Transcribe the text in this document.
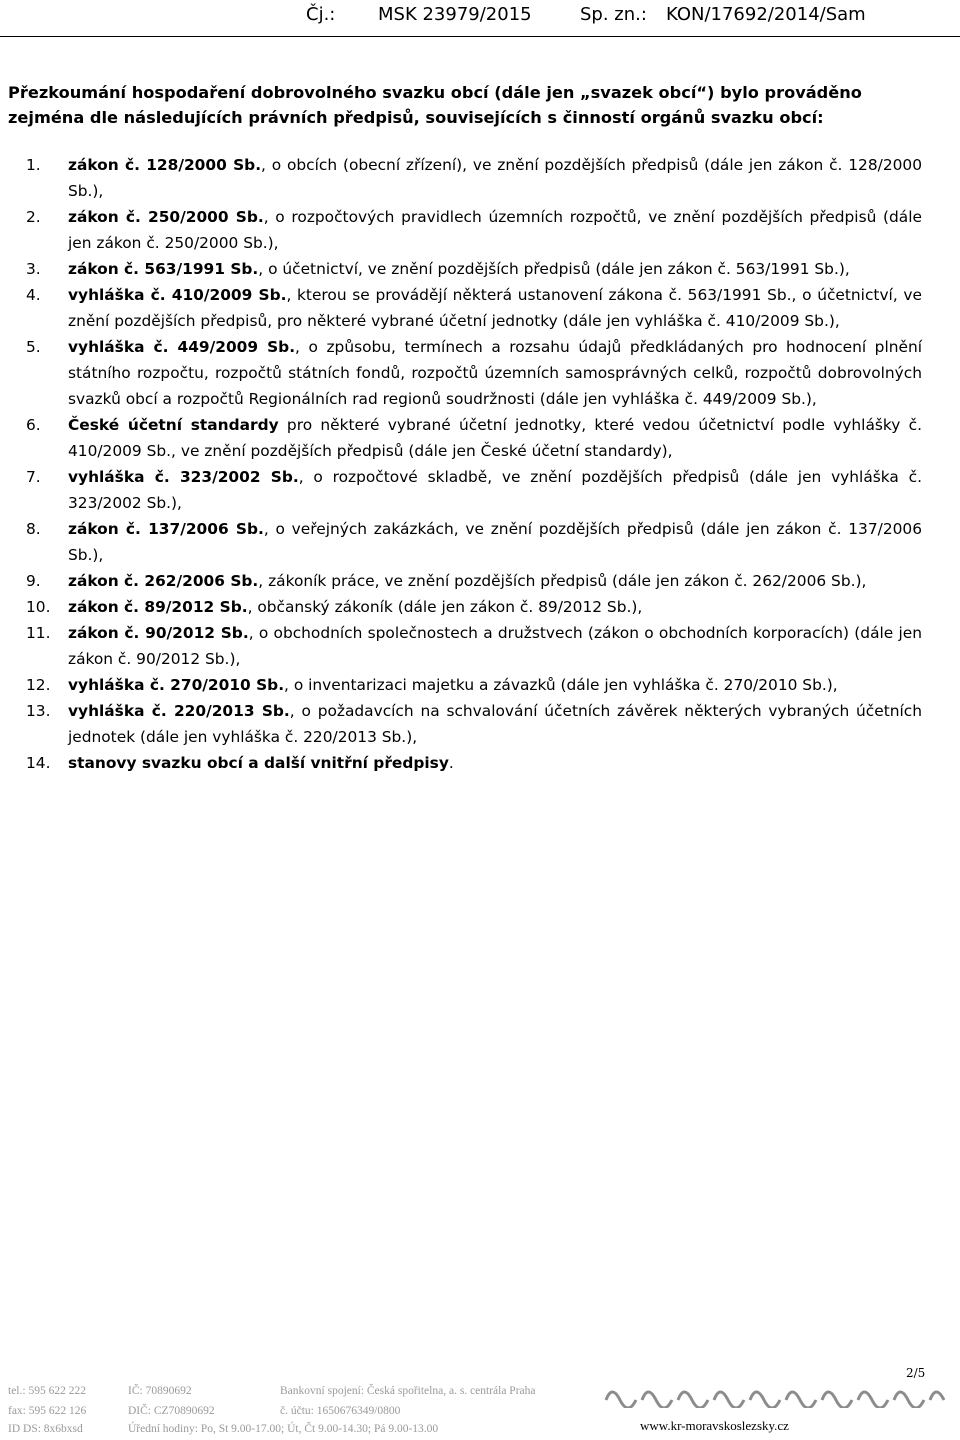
Čj.: MSK 23979/2015	Sp. zn.: KON/17692/2014/Sam
Přezkoumání hospodaření dobrovolného svazku obcí (dále jen „svazek obcí“) bylo prováděno zejména dle následujících právních předpisů, souvisejících s činností orgánů svazku obcí:
1. zákon č. 128/2000 Sb., o obcích (obecní zřízení), ve znění pozdějších předpisů (dále jen zákon č. 128/2000 Sb.),
2. zákon č. 250/2000 Sb., o rozpočtových pravidlech územních rozpočtů, ve znění pozdějších předpisů (dále jen zákon č. 250/2000 Sb.),
3. zákon č. 563/1991 Sb., o účetnictví, ve znění pozdějších předpisů (dále jen zákon č. 563/1991 Sb.),
4. vyhláška č. 410/2009 Sb., kterou se provádějí některá ustanovení zákona č. 563/1991 Sb., o účetnictví, ve znění pozdějších předpisů, pro některé vybrané účetní jednotky (dále jen vyhláška č. 410/2009 Sb.),
5. vyhláška č. 449/2009 Sb., o způsobu, termínech a rozsahu údajů předkládaných pro hodnocení plnění státního rozpočtu, rozpočtů státních fondů, rozpočtů územních samosprávných celků, rozpočtů dobrovolných svazků obcí a rozpočtů Regionálních rad regionů soudržnosti (dále jen vyhláška č. 449/2009 Sb.),
6. České účetní standardy pro některé vybrané účetní jednotky, které vedou účetnictví podle vyhlášky č. 410/2009 Sb., ve znění pozdějších předpisů (dále jen České účetní standardy),
7. vyhláška č. 323/2002 Sb., o rozpočtové skladbě, ve znění pozdějších předpisů (dále jen vyhláška č. 323/2002 Sb.),
8. zákon č. 137/2006 Sb., o veřejných zakázkách, ve znění pozdějších předpisů (dále jen zákon č. 137/2006 Sb.),
9. zákon č. 262/2006 Sb., zákoník práce, ve znění pozdějších předpisů (dále jen zákon č. 262/2006 Sb.),
10. zákon č. 89/2012 Sb., občanský zákoník (dále jen zákon č. 89/2012 Sb.),
11. zákon č. 90/2012 Sb., o obchodních společnostech a družstvech (zákon o obchodních korporacích) (dále jen zákon č. 90/2012 Sb.),
12. vyhláška č. 270/2010 Sb., o inventarizaci majetku a závazků (dále jen vyhláška č. 270/2010 Sb.),
13. vyhláška č. 220/2013 Sb., o požadavcích na schvalování účetních závěrek některých vybraných účetních jednotek (dále jen vyhláška č. 220/2013 Sb.),
14. stanovy svazku obcí a další vnitřní předpisy.
2/5
tel.: 595 622 222
fax: 595 622 126
ID DS: 8x6bxsd
IČ: 70890692
DIČ: CZ70890692
Úřední hodiny: Po, St 9.00-17.00; Út, Čt 9.00-14.30; Pá 9.00-13.00
Bankovní spojení: Česká spořitelna, a. s. centrála Praha
č. účtu: 1650676349/0800
www.kr-moravskoslezsky.cz
